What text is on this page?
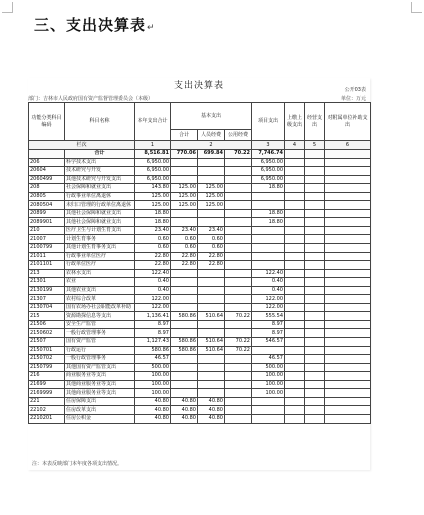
三、支出决算表↵
支出决算表	公开03表
部门：吉林市人民政府国有资产监督管理委员会（本级）	单位：万元
功能分类科目编码	科目名称	本年支出合计	基本支出			项目支出	上缴上级支出	经营支出	对附属单位补助支出
			合计	人员经费	公用经费				
栏次		1	2			3	4	5	6
	合计	8,516.81	770.06	699.84	70.22	7,746.74			
206	科学技术支出	6,950.00				6,950.00			
20604	技术研究与开发	6,950.00				6,950.00			
2060499	其他技术研究与开发支出	6,950.00				6,950.00			
208	社会保障和就业支出	143.80	125.00	125.00		18.80			
20805	行政事业单位离退休	125.00	125.00	125.00					
2080504	未归口管理的行政单位离退休	125.00	125.00	125.00					
20899	其他社会保障和就业支出	18.80				18.80			
2089901	其他社会保障和就业支出	18.80				18.80			
210	医疗卫生与计划生育支出	23.40	23.40	23.40					
21007	计划生育事务	0.60	0.60	0.60					
2100799	其他计划生育事务支出	0.60	0.60	0.60					
21011	行政事业单位医疗	22.80	22.80	22.80					
2101101	行政单位医疗	22.80	22.80	22.80					
213	农林水支出	122.40				122.40			
21301	农业	0.40				0.40			
2130199	其他农业支出	0.40				0.40			
21307	农村综合改革	122.00				122.00			
2130704	国有农场办社会职能改革补助	122.00				122.00			
215	资源勘探信息等支出	1,136.41	580.86	510.64	70.22	555.54			
21506	安全生产监管	8.97				8.97			
2150602	一般行政管理事务	8.97				8.97			
21507	国有资产监管	1,127.43	580.86	510.64	70.22	546.57			
2150701	行政运行	580.86	580.86	510.64	70.22				
2150702	一般行政管理事务	46.57				46.57			
2150799	其他国有资产监管支出	500.00				500.00			
216	商业服务业等支出	100.00				100.00			
21699	其他商业服务业等支出	100.00				100.00			
2169999	其他商业服务业等支出	100.00				100.00			
221	住房保障支出	40.80	40.80	40.80					
22102	住房改革支出	40.80	40.80	40.80					
2210201	住房公积金	40.80	40.80	40.80					
注：本表反映部门本年度各项支出情况。
